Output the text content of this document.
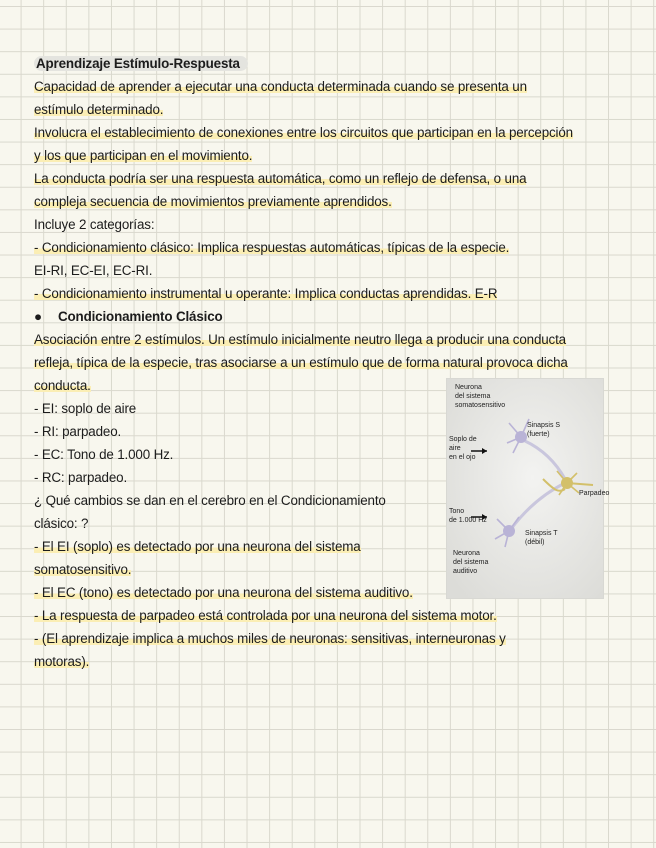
Aprendizaje Estímulo-Respuesta
Capacidad de aprender a ejecutar una conducta determinada cuando se presenta un
estímulo determinado.
Involucra el establecimiento de conexiones entre los circuitos que participan en la percepción
y los que participan en el movimiento.
La conducta podría ser una respuesta automática, como un reflejo de defensa, o una
compleja secuencia de movimientos previamente aprendidos.
Incluye 2 categorías:
- Condicionamiento clásico: Implica respuestas automáticas, típicas de la especie.
EI-RI, EC-EI, EC-RI.
- Condicionamiento instrumental u operante: Implica conductas aprendidas. E-R
● Condicionamiento Clásico
Asociación entre 2 estímulos. Un estímulo inicialmente neutro llega a producir una conducta
refleja, típica de la especie, tras asociarse a un estímulo que de forma natural provoca dicha
conducta.
- EI: soplo de aire
- RI: parpadeo.
- EC: Tono de 1.000 Hz.
- RC: parpadeo.
¿ Qué cambios se dan en el cerebro en el Condicionamiento
clásico: ?
- El EI (soplo) es detectado por una neurona del sistema
somatosensitivo.
- El EC (tono) es detectado por una neurona del sistema auditivo.
- La respuesta de parpadeo está controlada por una neurona del sistema motor.
- (El aprendizaje implica a muchos miles de neuronas: sensitivas, interneuronas y
motoras).
Neurona del sistema somatosensitivo
Sinapsis S (fuerte)
Soplo de aire en el ojo
Parpadeo
Tono de 1.000 Hz
Sinapsis T (débil)
Neurona del sistema auditivo
